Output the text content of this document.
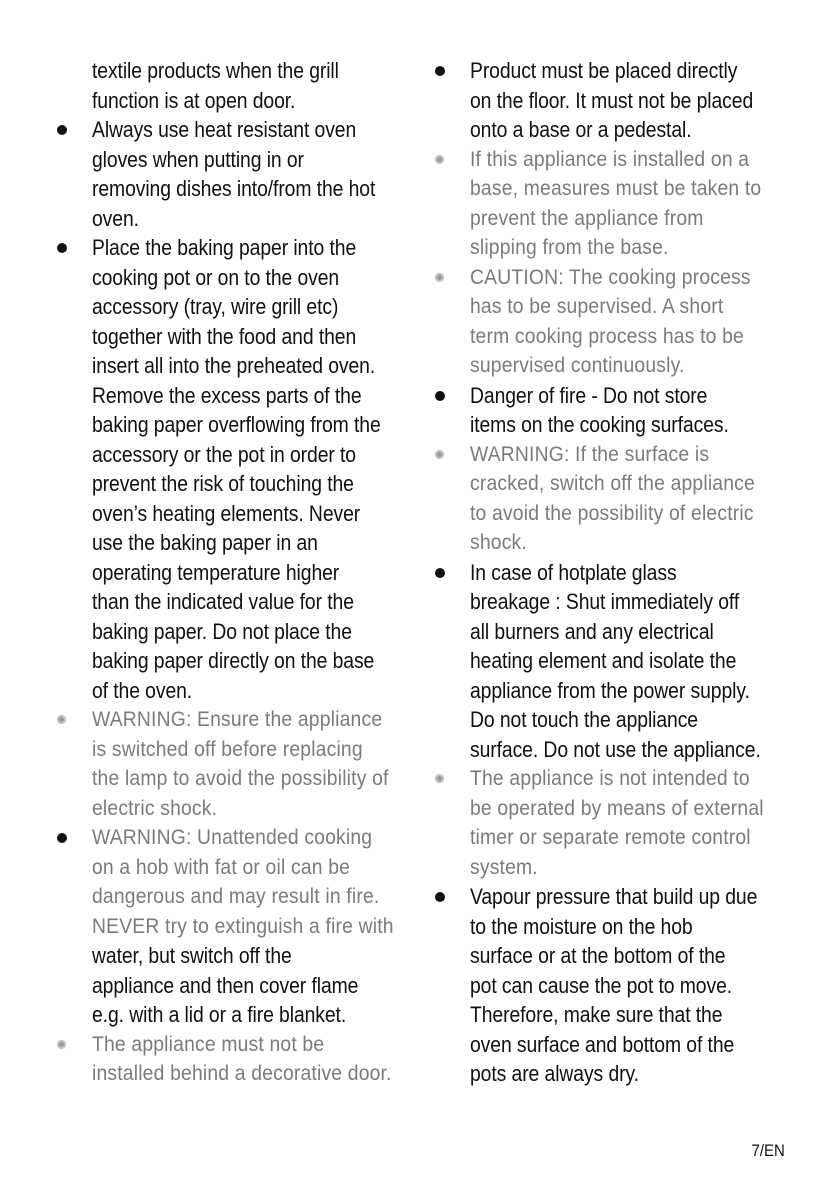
textile products when the grill
function is at open door.
Always use heat resistant oven
gloves when putting in or
removing dishes into/from the hot
oven.
Place the baking paper into the
cooking pot or on to the oven
accessory (tray, wire grill etc)
together with the food and then
insert all into the preheated oven.
Remove the excess parts of the
baking paper overflowing from the
accessory or the pot in order to
prevent the risk of touching the
oven’s heating elements. Never
use the baking paper in an
operating temperature higher
than the indicated value for the
baking paper. Do not place the
baking paper directly on the base
of the oven.
WARNING: Ensure the appliance
is switched off before replacing
the lamp to avoid the possibility of
electric shock.
WARNING: Unattended cooking
on a hob with fat or oil can be
dangerous and may result in fire.
NEVER try to extinguish a fire with
water, but switch off the
appliance and then cover flame
e.g. with a lid or a fire blanket.
The appliance must not be
installed behind a decorative door.
Product must be placed directly
on the floor. It must not be placed
onto a base or a pedestal.
If this appliance is installed on a
base, measures must be taken to
prevent the appliance from
slipping from the base.
CAUTION: The cooking process
has to be supervised. A short
term cooking process has to be
supervised continuously.
Danger of fire - Do not store
items on the cooking surfaces.
WARNING: If the surface is
cracked, switch off the appliance
to avoid the possibility of electric
shock.
In case of hotplate glass
breakage : Shut immediately off
all burners and any electrical
heating element and isolate the
appliance from the power supply.
Do not touch the appliance
surface. Do not use the appliance.
The appliance is not intended to
be operated by means of external
timer or separate remote control
system.
Vapour pressure that build up due
to the moisture on the hob
surface or at the bottom of the
pot can cause the pot to move.
Therefore, make sure that the
oven surface and bottom of the
pots are always dry.
7/EN
